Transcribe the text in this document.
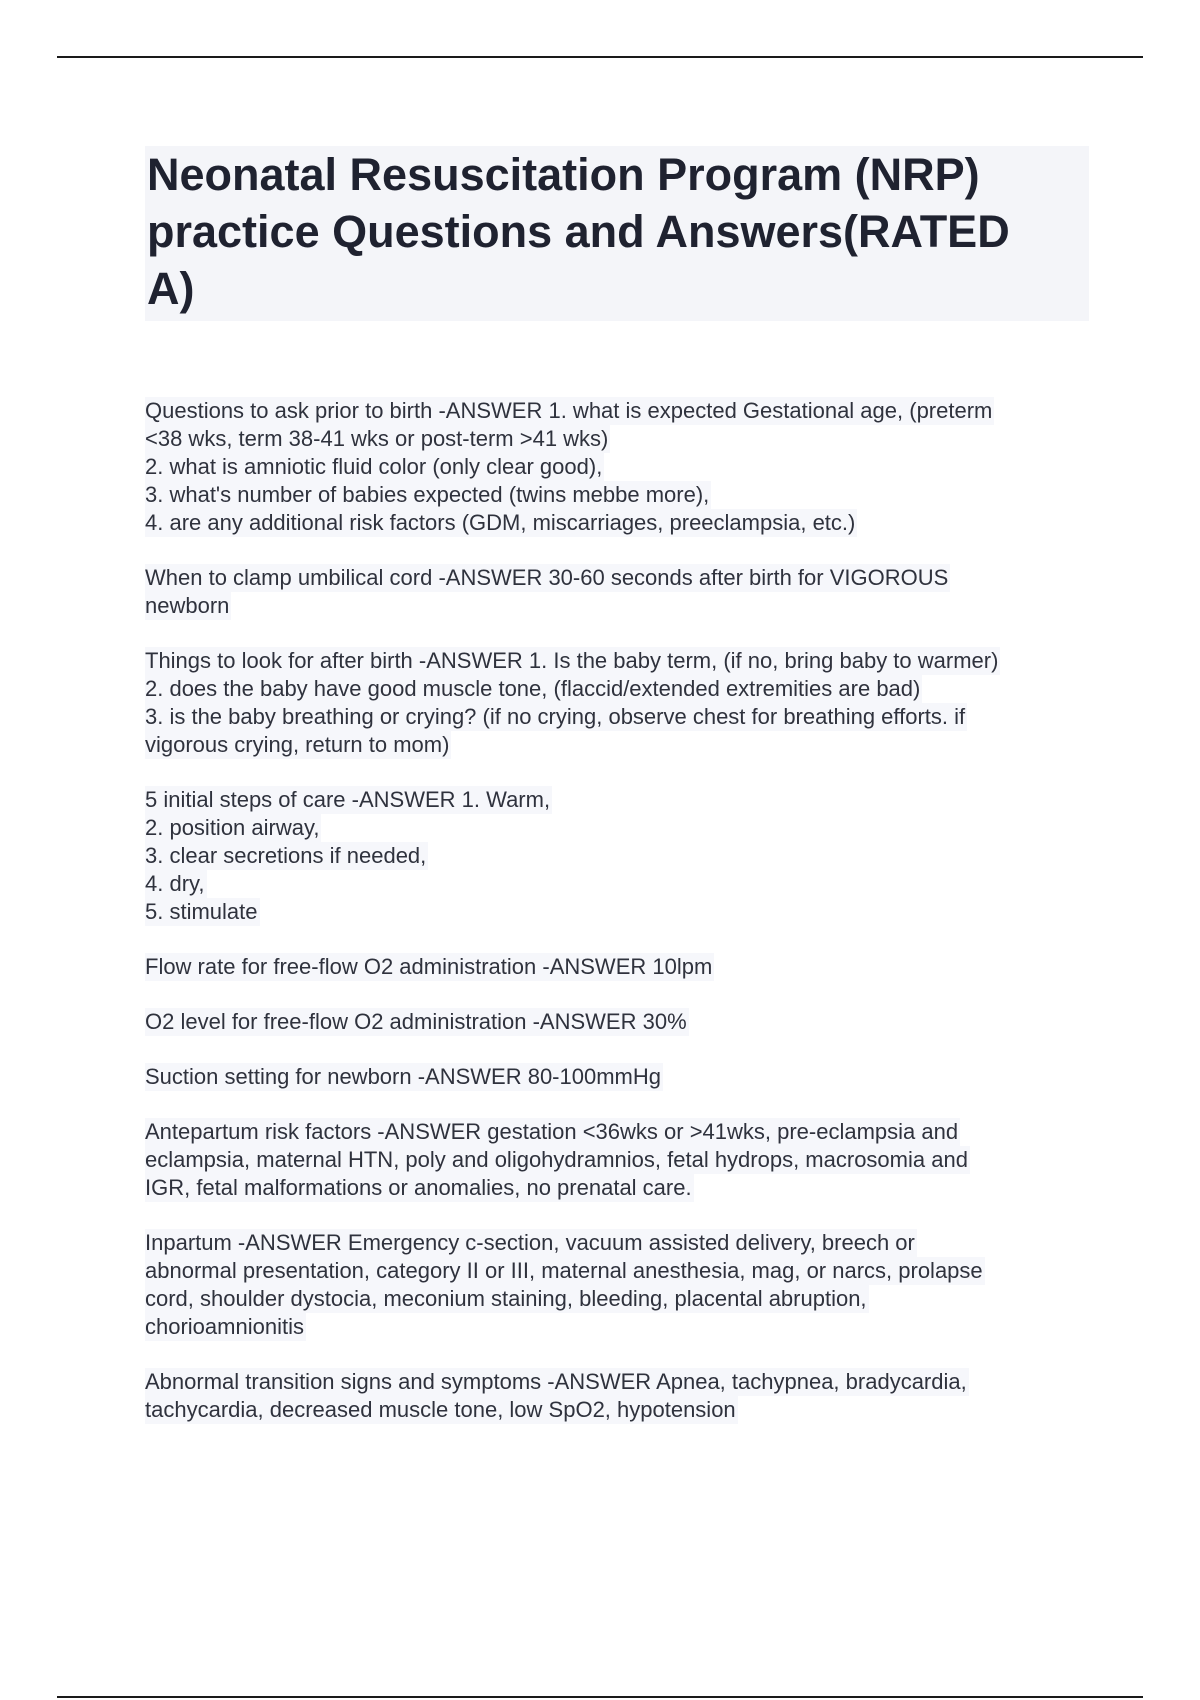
Neonatal Resuscitation Program (NRP)
practice Questions and Answers(RATED
A)
Questions to ask prior to birth -ANSWER 1. what is expected Gestational age, (preterm
<38 wks, term 38-41 wks or post-term >41 wks)
2. what is amniotic fluid color (only clear good),
3. what's number of babies expected (twins mebbe more),
4. are any additional risk factors (GDM, miscarriages, preeclampsia, etc.)
When to clamp umbilical cord -ANSWER 30-60 seconds after birth for VIGOROUS
newborn
Things to look for after birth -ANSWER 1. Is the baby term, (if no, bring baby to warmer)
2. does the baby have good muscle tone, (flaccid/extended extremities are bad)
3. is the baby breathing or crying? (if no crying, observe chest for breathing efforts. if
vigorous crying, return to mom)
5 initial steps of care -ANSWER 1. Warm,
2. position airway,
3. clear secretions if needed,
4. dry,
5. stimulate
Flow rate for free-flow O2 administration -ANSWER 10lpm
O2 level for free-flow O2 administration -ANSWER 30%
Suction setting for newborn -ANSWER 80-100mmHg
Antepartum risk factors -ANSWER gestation <36wks or >41wks, pre-eclampsia and
eclampsia, maternal HTN, poly and oligohydramnios, fetal hydrops, macrosomia and
IGR, fetal malformations or anomalies, no prenatal care.
Inpartum -ANSWER Emergency c-section, vacuum assisted delivery, breech or
abnormal presentation, category II or III, maternal anesthesia, mag, or narcs, prolapse
cord, shoulder dystocia, meconium staining, bleeding, placental abruption,
chorioamnionitis
Abnormal transition signs and symptoms -ANSWER Apnea, tachypnea, bradycardia,
tachycardia, decreased muscle tone, low SpO2, hypotension
